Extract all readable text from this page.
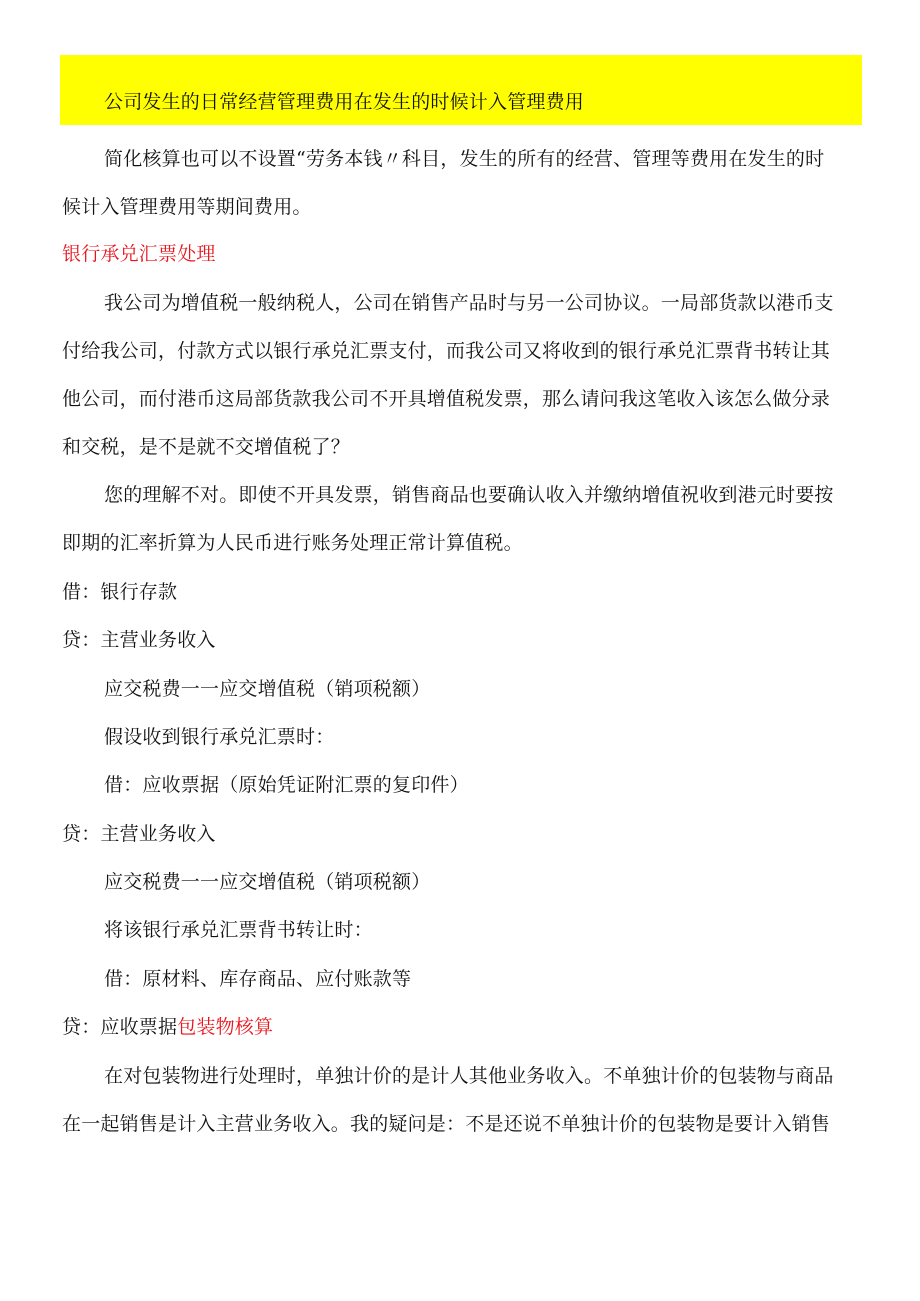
公司发生的日常经营管理费用在发生的时候计入管理费用
简化核算也可以不设置“劳务本钱〃科目，发生的所有的经营、管理等费用在发生的时
候计入管理费用等期间费用。
银行承兑汇票处理
我公司为增值税一般纳税人，公司在销售产品时与另一公司协议。一局部货款以港币支
付给我公司，付款方式以银行承兑汇票支付，而我公司又将收到的银行承兑汇票背书转让其
他公司，而付港币这局部货款我公司不开具增值税发票，那么请问我这笔收入该怎么做分录
和交税，是不是就不交增值税了？
您的理解不对。即使不开具发票，销售商品也要确认收入并缴纳增值祝收到港元时要按
即期的汇率折算为人民币进行账务处理正常计算值税。
借：银行存款
贷：主营业务收入
应交税费一一应交增值税（销项税额）
假设收到银行承兑汇票时：
借：应收票据（原始凭证附汇票的复印件）
贷：主营业务收入
应交税费一一应交增值税（销项税额）
将该银行承兑汇票背书转让时：
借：原材料、库存商品、应付账款等
贷：应收票据包装物核算
在对包装物进行处理时，单独计价的是计人其他业务收入。不单独计价的包装物与商品
在一起销售是计入主营业务收入。我的疑问是：不是还说不单独计价的包装物是要计入销售
